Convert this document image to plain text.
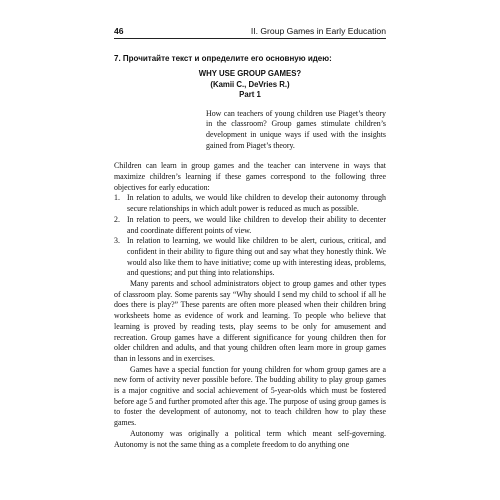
46	II. Group Games in Early Education
7. Прочитайте текст и определите его основную идею:
WHY USE GROUP GAMES?
(Kamii C., DeVries R.)
Part 1
How can teachers of young children use Piaget’s theory in the classroom? Group games stimulate children’s development in unique ways if used with the insights gained from Piaget’s theory.

Children can learn in group games and the teacher can intervene in ways that maximize children’s learning if these games correspond to the following three objectives for early education:

1. In relation to adults, we would like children to develop their autonomy through secure relationships in which adult power is reduced as much as possible.
2. In relation to peers, we would like children to develop their ability to decenter and coordinate different points of view.
3. In relation to learning, we would like children to be alert, curious, critical, and confident in their ability to figure thing out and say what they honestly think. We would also like them to have initiative; come up with interesting ideas, problems, and questions; and put thing into relationships.

Many parents and school administrators object to group games and other types of classroom play. Some parents say “Why should I send my child to school if all he does there is play?” These parents are often more pleased when their children bring worksheets home as evidence of work and learning. To people who believe that learning is proved by reading tests, play seems to be only for amusement and recreation. Group games have a different significance for young children then for older children and adults, and that young children often learn more in group games than in lessons and in exercises.

Games have a special function for young children for whom group games are a new form of activity never possible before. The budding ability to play group games is a major cognitive and social achievement of 5-year-olds which must be fostered before age 5 and further promoted after this age. The purpose of using group games is to foster the development of autonomy, not to teach children how to play these games.

Autonomy was originally a political term which meant self-governing. Autonomy is not the same thing as a complete freedom to do anything one
